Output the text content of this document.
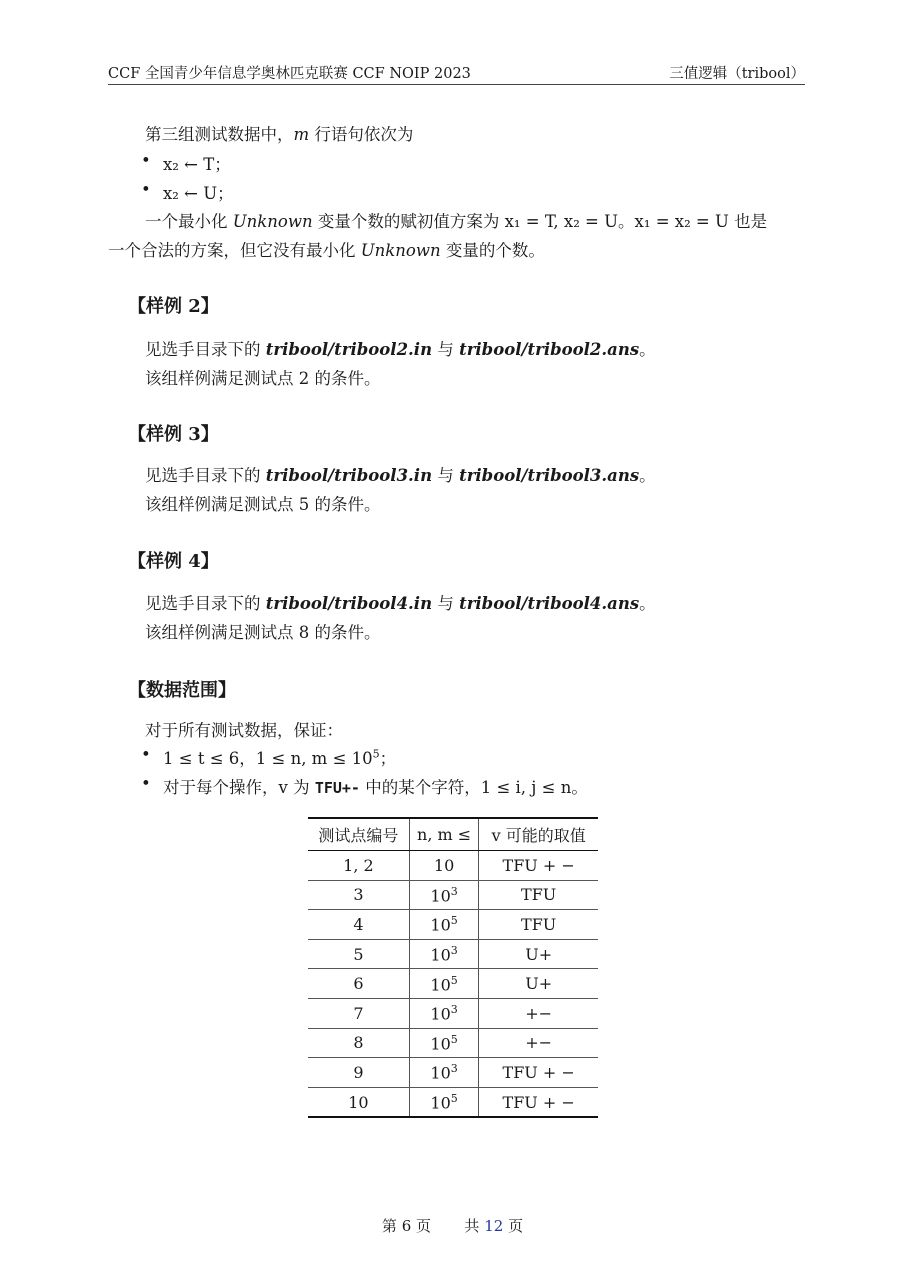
CCF 全国青少年信息学奥林匹克联赛 CCF NOIP 2023	三值逻辑（tribool）
第三组测试数据中，m 行语句依次为
• x₂ ← T；
• x₂ ← U；
一个最小化 Unknown 变量个数的赋初值方案为 x₁ = T, x₂ = U。x₁ = x₂ = U 也是
一个合法的方案，但它没有最小化 Unknown 变量的个数。
【样例 2】
见选手目录下的 tribool/tribool2.in 与 tribool/tribool2.ans。
该组样例满足测试点 2 的条件。
【样例 3】
见选手目录下的 tribool/tribool3.in 与 tribool/tribool3.ans。
该组样例满足测试点 5 的条件。
【样例 4】
见选手目录下的 tribool/tribool4.in 与 tribool/tribool4.ans。
该组样例满足测试点 8 的条件。
【数据范围】
对于所有测试数据，保证：
• 1 ≤ t ≤ 6，1 ≤ n, $m \le 10^5$；
• 对于每个操作，v 为 TFU+- 中的某个字符，1 ≤ i, j ≤ n。
测试点编号	n, m ≤	v 可能的取值
1, 2	10	TFU + −
3	$10^3$	TFU
4	$10^5$	TFU
5	$10^3$	U+
6	$10^5$	U+
7	$10^3$	+−
8	$10^5$	+−
9	$10^3$	TFU + −
10	$10^5$	TFU + −
第 6 页 共 12 页
